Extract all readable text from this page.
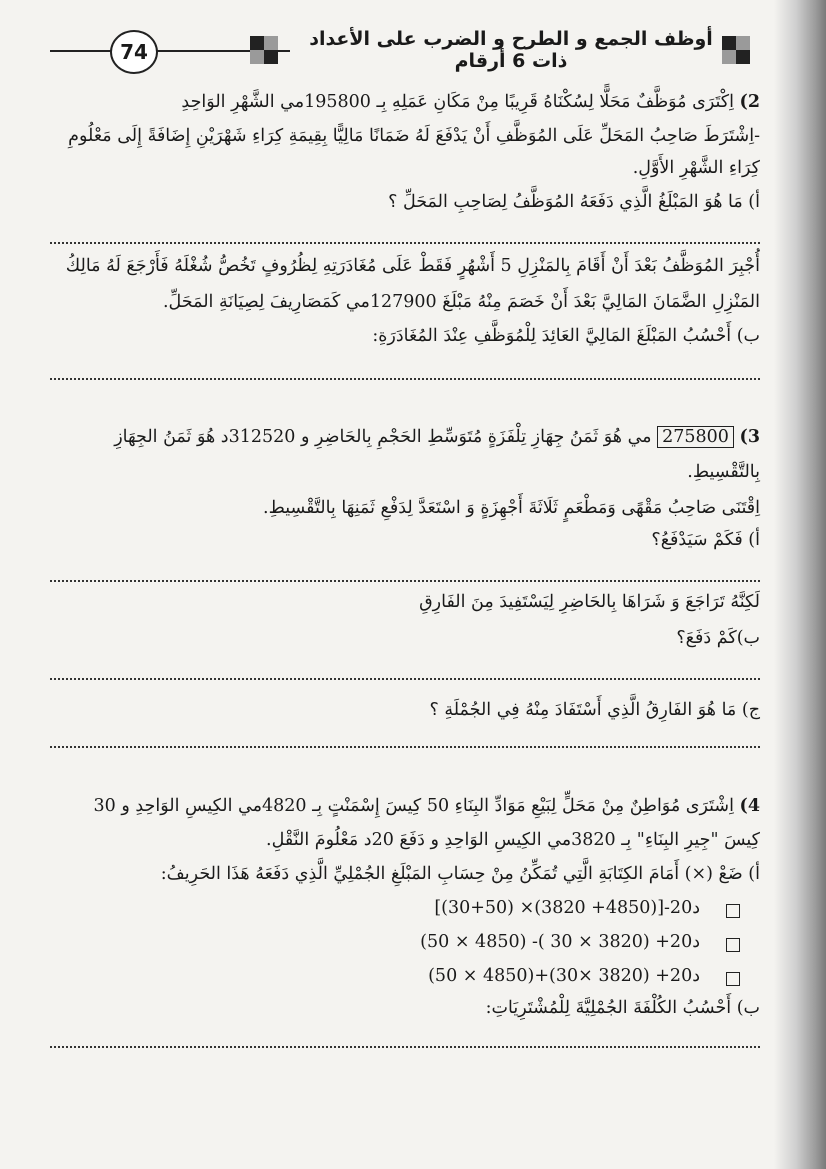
أوظف الجمع و الطرح و الضرب على الأعداد ذات 6 أرقام
74
2) اِكْتَرَى مُوَظَّفٌ مَحَلًّا لِسُكْنَاهُ قَرِيبًا مِنْ مَكَانِ عَمَلِهِ بِـ 195800مي الشَّهْرِ الوَاحِدِ
-اِشْتَرَطَ صَاحِبُ المَحَلِّ عَلَى المُوَظَّفِ أَنْ يَدْفَعَ لَهُ ضَمَانًا مَالِيًّا بِقِيمَةِ كِرَاءِ شَهْرَيْنِ إِضَافَةً إِلَى مَعْلُومِ
كِرَاءِ الشَّهْرِ الأَوَّلِ.
أ) مَا هُوَ المَبْلَغُ الَّذِي دَفَعَهُ المُوَظَّفُ لِصَاحِبِ المَحَلِّ ؟
أُجْبِرَ المُوَظَّفُ بَعْدَ أَنْ أَقَامَ بِالمَنْزِلِ 5 أَشْهُرٍ فَقَطْ عَلَى مُغَادَرَتِهِ لِظُرُوفٍ تَخُصُّ شُغْلَهُ فَأَرْجَعَ لَهُ مَالِكُ
المَنْزِلِ الضَّمَانَ المَالِيَّ بَعْدَ أَنْ خَصَمَ مِنْهُ مَبْلَغَ 127900مي كَمَصَارِيفَ لِصِيَانَةِ المَحَلِّ.
ب) أَحْسُبُ المَبْلَغَ المَالِيَّ العَائِدَ لِلْمُوَظَّفِ عِنْدَ المُغَادَرَةِ:
3) 275800 مي هُوَ ثَمَنُ جِهَازِ تِلْفَزَةٍ مُتَوَسِّطِ الحَجْمِ بِالحَاضِرِ و 312520د هُوَ ثَمَنُ الجِهَازِ
بِالتَّقْسِيطِ.
اِقْتَنَى صَاحِبُ مَقْهًى وَمَطْعَمٍ ثَلَاثَةَ أَجْهِزَةٍ وَ اسْتَعَدَّ لِدَفْعِ ثَمَنِهَا بِالتَّقْسِيطِ.
أ) فَكَمْ سَيَدْفَعُ؟
لَكِنَّهُ تَرَاجَعَ وَ شَرَاهَا بِالحَاضِرِ لِيَسْتَفِيدَ مِنَ الفَارِقِ
ب)كَمْ دَفَعَ؟
ج) مَا هُوَ الفَارِقُ الَّذِي أَسْتَفَادَ مِنْهُ فِي الجُمْلَةِ ؟
4) اِشْتَرَى مُوَاطِنٌ مِنْ مَحَلٍّ لِبَيْعِ مَوَادِّ البِنَاءِ 50 كِيسَ إِسْمَنْتٍ بِـ 4820مي الكِيسِ الوَاحِدِ و 30
كِيسَ "جِيرِ البِنَاءِ" بِـ 3820مي الكِيسِ الوَاحِدِ و دَفَعَ 20د مَعْلُومَ النَّقْلِ.
أ) ضَعْ (×) أَمَامَ الكِتَابَةِ الَّتِي تُمَكِّنُ مِنْ حِسَابِ المَبْلَغِ الجُمْلِيِّ الَّذِي دَفَعَهُ هَذَا الحَرِيفُ:
[(30+50) ×(3820 +4850)]-20د
(50 × 4850) -( 30 × 3820) +20د
(50 × 4850)+(30× 3820) +20د
ب) أَحْسُبُ الكُلْفَةَ الجُمْلِيَّةَ لِلْمُشْتَرِيَاتِ:
